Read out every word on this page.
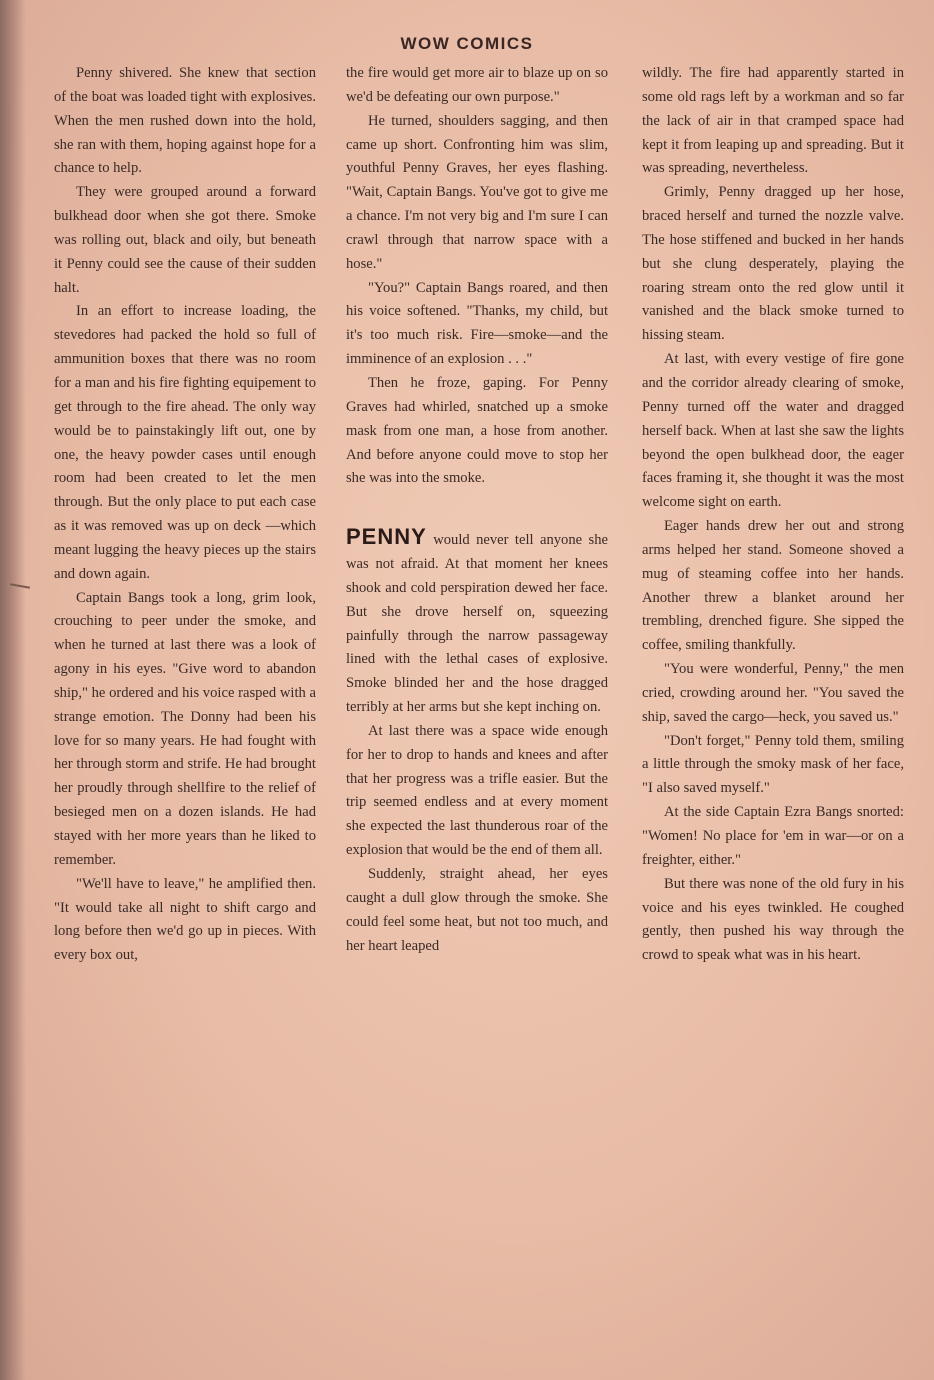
WOW COMICS

Penny shivered. She knew that section of the boat was loaded tight with explosives. When the men rushed down into the hold, she ran with them, hoping against hope for a chance to help.

They were grouped around a forward bulkhead door when she got there. Smoke was rolling out, black and oily, but beneath it Penny could see the cause of their sudden halt.

In an effort to increase loading, the stevedores had packed the hold so full of ammunition boxes that there was no room for a man and his fire fighting equipement to get through to the fire ahead. The only way would be to painstakingly lift out, one by one, the heavy powder cases until enough room had been created to let the men through. But the only place to put each case as it was removed was up on deck —which meant lugging the heavy pieces up the stairs and down again.

Captain Bangs took a long, grim look, crouching to peer under the smoke, and when he turned at last there was a look of agony in his eyes. "Give word to abandon ship," he ordered and his voice rasped with a strange emotion. The Donny had been his love for so many years. He had fought with her through storm and strife. He had brought her proudly through shellfire to the relief of besieged men on a dozen islands. He had stayed with her more years than he liked to remember.

"We'll have to leave," he amplified then. "It would take all night to shift cargo and long before then we'd go up in pieces. With every box out,

the fire would get more air to blaze up on so we'd be defeating our own purpose."

He turned, shoulders sagging, and then came up short. Confronting him was slim, youthful Penny Graves, her eyes flashing. "Wait, Captain Bangs. You've got to give me a chance. I'm not very big and I'm sure I can crawl through that narrow space with a hose."

"You?" Captain Bangs roared, and then his voice softened. "Thanks, my child, but it's too much risk. Fire—smoke—and the imminence of an explosion . . ."

Then he froze, gaping. For Penny Graves had whirled, snatched up a smoke mask from one man, a hose from another. And before anyone could move to stop her she was into the smoke.

PENNY would never tell anyone she was not afraid. At that moment her knees shook and cold perspiration dewed her face. But she drove herself on, squeezing painfully through the narrow passageway lined with the lethal cases of explosive. Smoke blinded her and the hose dragged terribly at her arms but she kept inching on.

At last there was a space wide enough for her to drop to hands and knees and after that her progress was a trifle easier. But the trip seemed endless and at every moment she expected the last thunderous roar of the explosion that would be the end of them all.

Suddenly, straight ahead, her eyes caught a dull glow through the smoke. She could feel some heat, but not too much, and her heart leaped

wildly. The fire had apparently started in some old rags left by a workman and so far the lack of air in that cramped space had kept it from leaping up and spreading. But it was spreading, nevertheless.

Grimly, Penny dragged up her hose, braced herself and turned the nozzle valve. The hose stiffened and bucked in her hands but she clung desperately, playing the roaring stream onto the red glow until it vanished and the black smoke turned to hissing steam.

At last, with every vestige of fire gone and the corridor already clearing of smoke, Penny turned off the water and dragged herself back. When at last she saw the lights beyond the open bulkhead door, the eager faces framing it, she thought it was the most welcome sight on earth.

Eager hands drew her out and strong arms helped her stand. Someone shoved a mug of steaming coffee into her hands. Another threw a blanket around her trembling, drenched figure. She sipped the coffee, smiling thankfully.

"You were wonderful, Penny," the men cried, crowding around her. "You saved the ship, saved the cargo—heck, you saved us."

"Don't forget," Penny told them, smiling a little through the smoky mask of her face, "I also saved myself."

At the side Captain Ezra Bangs snorted: "Women! No place for 'em in war—or on a freighter, either."

But there was none of the old fury in his voice and his eyes twinkled. He coughed gently, then pushed his way through the crowd to speak what was in his heart.
